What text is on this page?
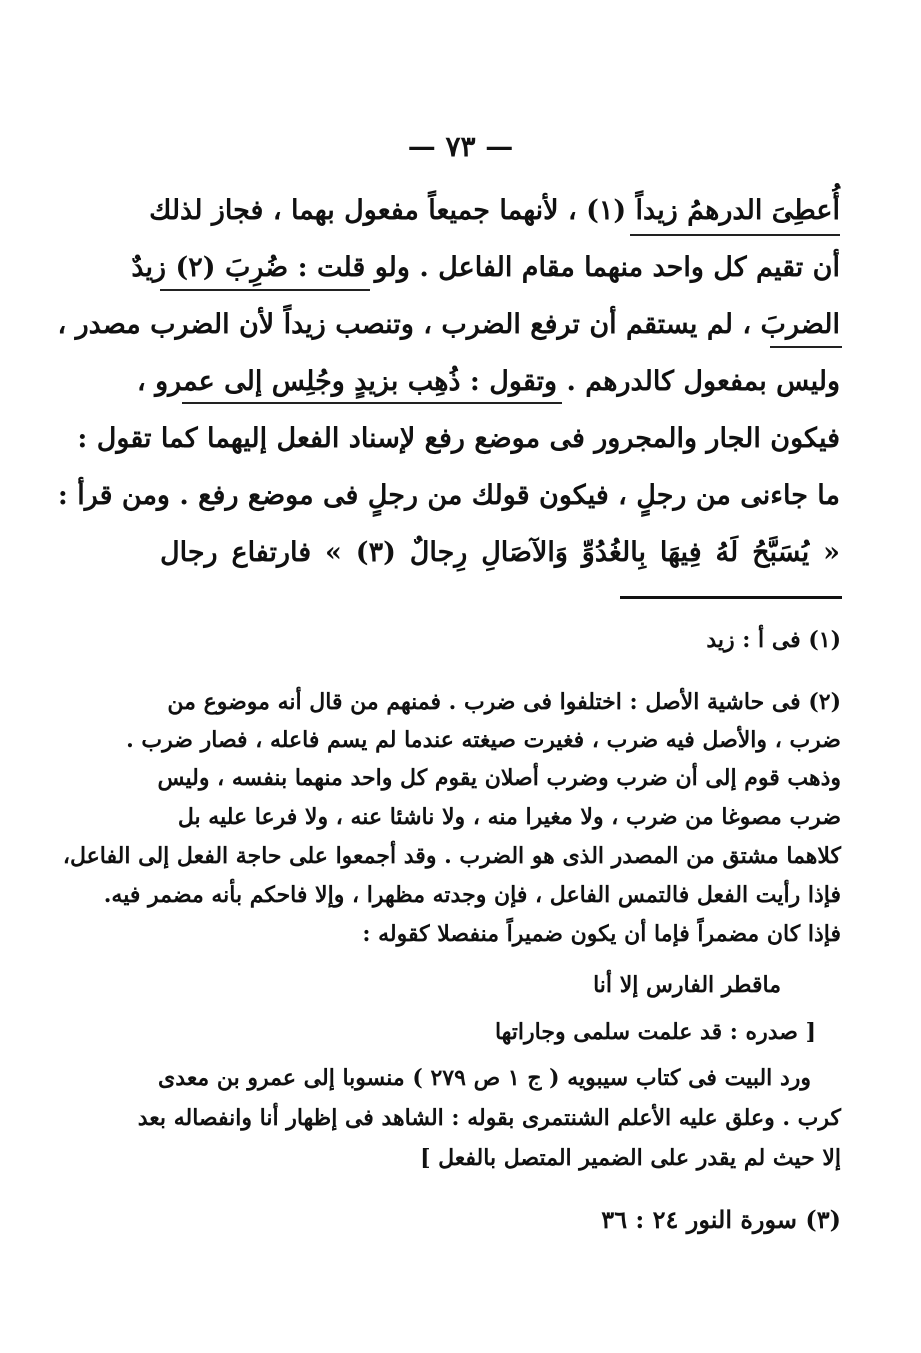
— ٧٣ —
أُعطِىَ الدرهمُ زيداً (١) ، لأنهما جميعاً مفعول بهما ، فجاز لذلك
أن تقيم كل واحد منهما مقام الفاعل . ولو قلت : ضُرِبَ (٢) زيدٌ
الضربَ ، لم يستقم أن ترفع الضرب ، وتنصب زيداً لأن الضرب مصدر ،
وليس بمفعول كالدرهم . وتقول : ذُهِب بزيدٍ وجُلِس إلى عمرو ،
فيكون الجار والمجرور فى موضع رفع لإسناد الفعل إليهما كما تقول :
ما جاءنى من رجلٍ ، فيكون قولك من رجلٍ فى موضع رفع . ومن قرأ :
« يُسَبَّحُ لَهُ فِيهَا بِالغُدُوِّ وَالآصَالِ رِجالٌ (٣) » فارتفاع رجال
(١) فى أ : زيد
(٢) فى حاشية الأصل : اختلفوا فى ضرب . فمنهم من قال أنه موضوع من
ضرب ، والأصل فيه ضرب ، فغيرت صيغته عندما لم يسم فاعله ، فصار ضرب .
وذهب قوم إلى أن ضرب وضرب أصلان يقوم كل واحد منهما بنفسه ، وليس
ضرب مصوغا من ضرب ، ولا مغيرا منه ، ولا ناشئا عنه ، ولا فرعا عليه بل
كلاهما مشتق من المصدر الذى هو الضرب . وقد أجمعوا على حاجة الفعل إلى الفاعل،
فإذا رأيت الفعل فالتمس الفاعل ، فإن وجدته مظهرا ، وإلا فاحكم بأنه مضمر فيه.
فإذا كان مضمراً فإما أن يكون ضميراً منفصلا كقوله :
ماقطر الفارس إلا أنا
[ صدره : قد علمت سلمى وجاراتها
ورد البيت فى كتاب سيبويه ( ج ١ ص ٢٧٩ ) منسوبا إلى عمرو بن معدى
كرب . وعلق عليه الأعلم الشنتمرى بقوله : الشاهد فى إظهار أنا وانفصاله بعد
إلا حيث لم يقدر على الضمير المتصل بالفعل ]
(٣) سورة النور ٢٤ : ٣٦
